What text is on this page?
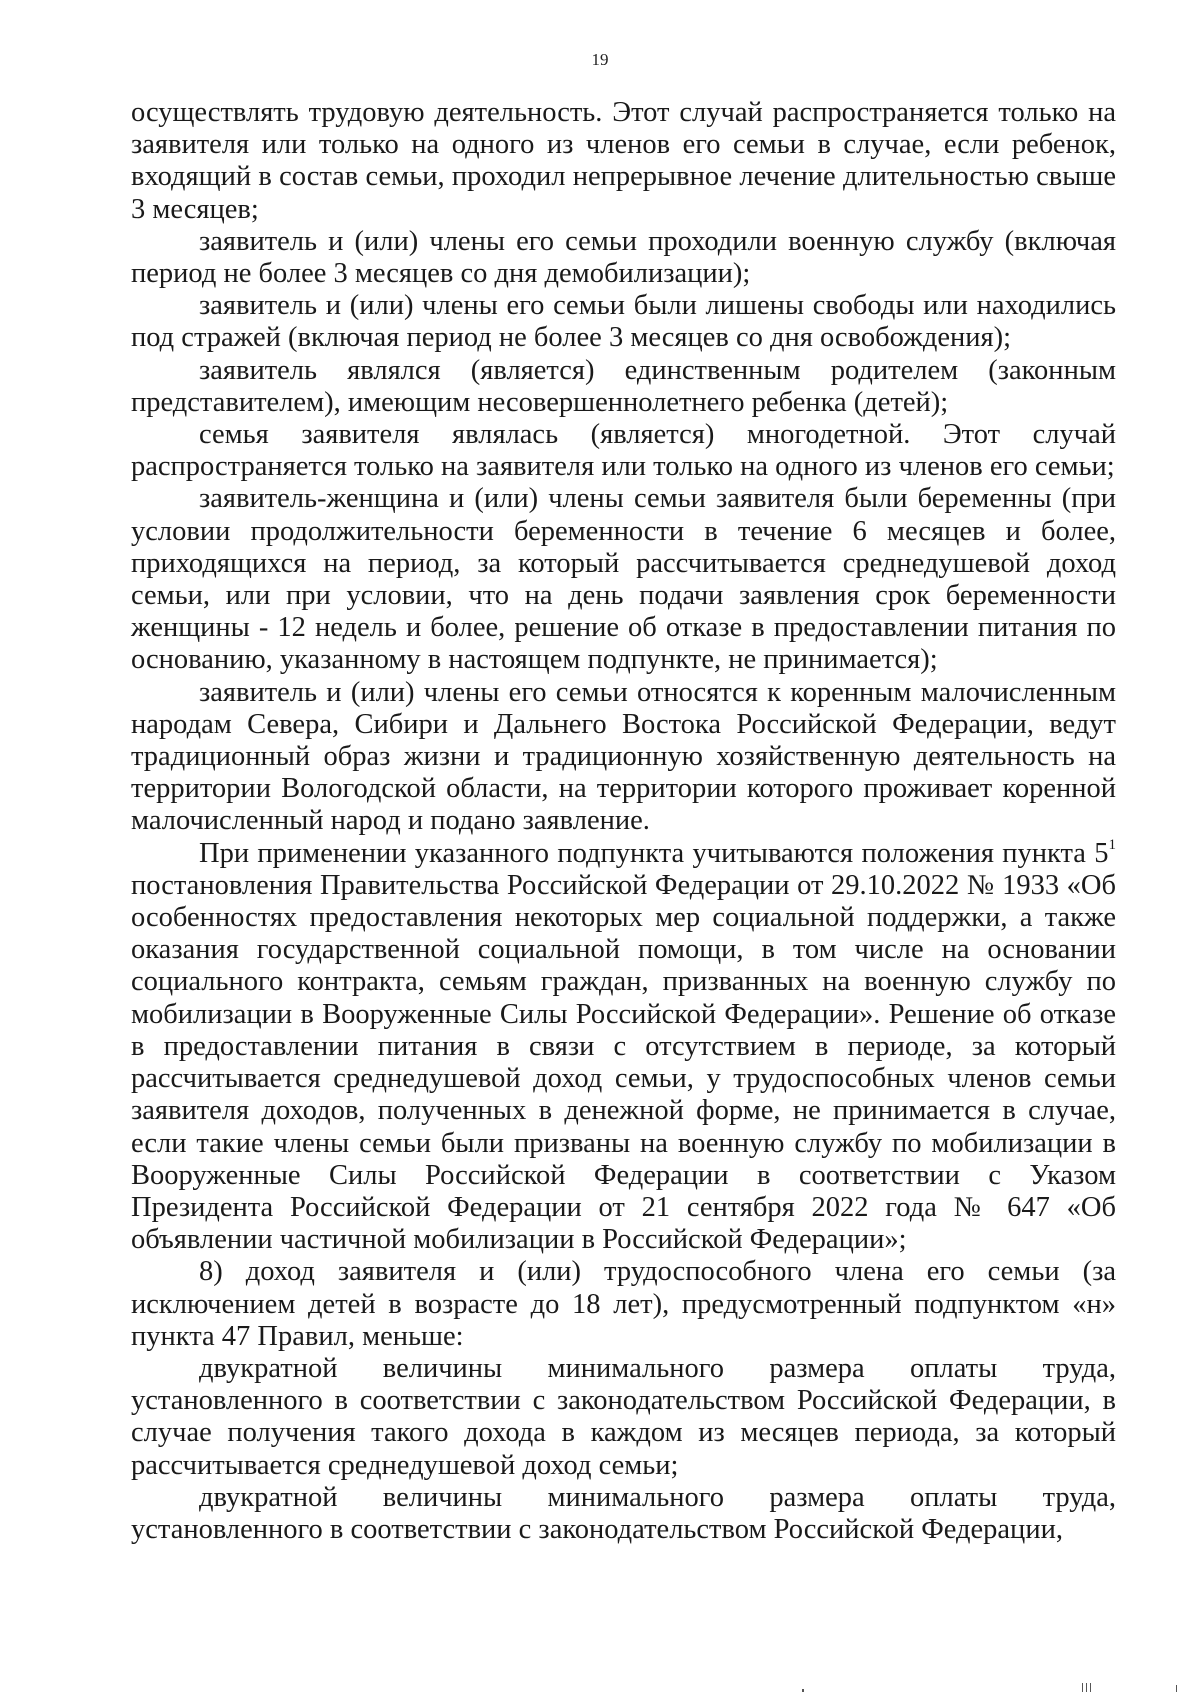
19

осуществлять трудовую деятельность. Этот случай распространяется только на заявителя или только на одного из членов его семьи в случае, если ребенок, входящий в состав семьи, проходил непрерывное лечение длительностью свыше 3 месяцев;

заявитель и (или) члены его семьи проходили военную службу (включая период не более 3 месяцев со дня демобилизации);

заявитель и (или) члены его семьи были лишены свободы или находились под стражей (включая период не более 3 месяцев со дня освобождения);

заявитель являлся (является) единственным родителем (законным представителем), имеющим несовершеннолетнего ребенка (детей);

семья заявителя являлась (является) многодетной. Этот случай распространяется только на заявителя или только на одного из членов его семьи;

заявитель-женщина и (или) члены семьи заявителя были беременны (при условии продолжительности беременности в течение 6 месяцев и более, приходящихся на период, за который рассчитывается среднедушевой доход семьи, или при условии, что на день подачи заявления срок беременности женщины - 12 недель и более, решение об отказе в предоставлении питания по основанию, указанному в настоящем подпункте, не принимается);

заявитель и (или) члены его семьи относятся к коренным малочисленным народам Севера, Сибири и Дальнего Востока Российской Федерации, ведут традиционный образ жизни и традиционную хозяйственную деятельность на территории Вологодской области, на территории которого проживает коренной малочисленный народ и подано заявление.

При применении указанного подпункта учитываются положения пункта $5^1$ постановления Правительства Российской Федерации от 29.10.2022 № 1933 «Об особенностях предоставления некоторых мер социальной поддержки, а также оказания государственной социальной помощи, в том числе на основании социального контракта, семьям граждан, призванных на военную службу по мобилизации в Вооруженные Силы Российской Федерации». Решение об отказе в предоставлении питания в связи с отсутствием в периоде, за который рассчитывается среднедушевой доход семьи, у трудоспособных членов семьи заявителя доходов, полученных в денежной форме, не принимается в случае, если такие члены семьи были призваны на военную службу по мобилизации в Вооруженные Силы Российской Федерации в соответствии с Указом Президента Российской Федерации от 21 сентября 2022 года № 647 «Об объявлении частичной мобилизации в Российской Федерации»;

8) доход заявителя и (или) трудоспособного члена его семьи (за исключением детей в возрасте до 18 лет), предусмотренный подпунктом «н» пункта 47 Правил, меньше:

двукратной величины минимального размера оплаты труда, установленного в соответствии с законодательством Российской Федерации, в случае получения такого дохода в каждом из месяцев периода, за который рассчитывается среднедушевой доход семьи;

двукратной величины минимального размера оплаты труда, установленного в соответствии с законодательством Российской Федерации,
